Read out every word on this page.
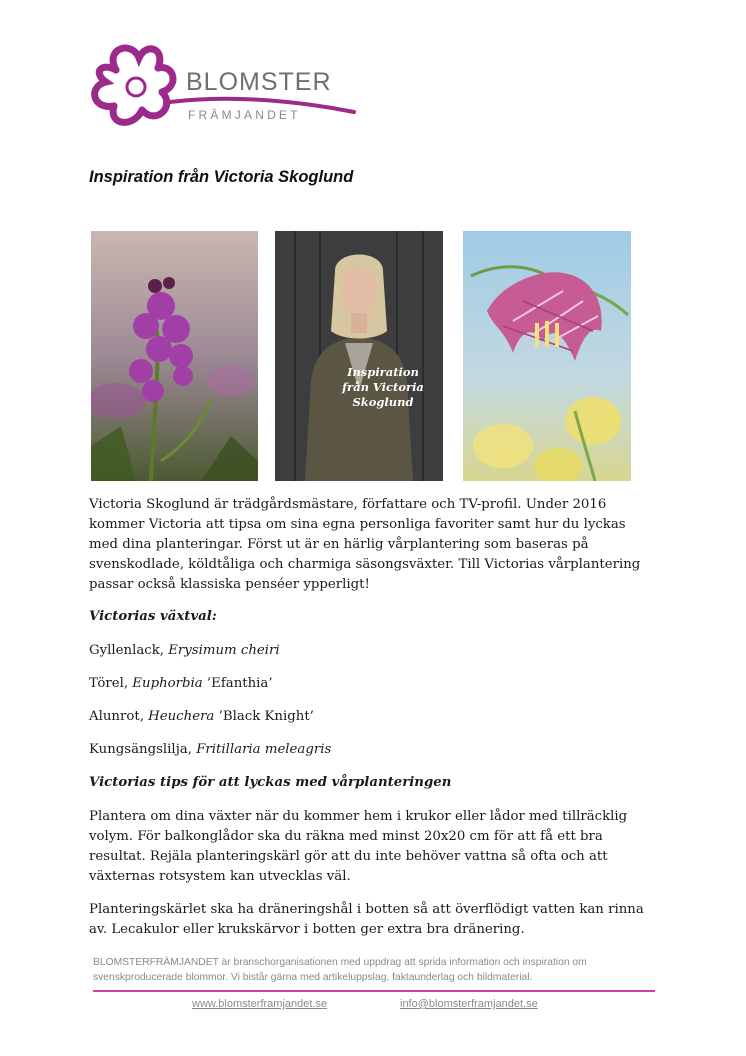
BLOMSTER
FRÄMJANDET
Inspiration från Victoria Skoglund
Inspiration
från Victoria
Skoglund

Victoria Skoglund är trädgårdsmästare, författare och TV-profil. Under 2016 kommer Victoria att tipsa om sina egna personliga favoriter samt hur du lyckas med dina planteringar. Först ut är en härlig vårplantering som baseras på svenskodlade, köldtåliga och charmiga säsongsväxter. Till Victorias vårplantering passar också klassiska penséer ypperligt!

Victorias växtval:

Gyllenlack, Erysimum cheiri

Törel, Euphorbia ’Efanthia’

Alunrot, Heuchera ’Black Knight’

Kungsängslilja, Fritillaria meleagris

Victorias tips för att lyckas med vårplanteringen

Plantera om dina växter när du kommer hem i krukor eller lådor med tillräcklig volym. För balkonglådor ska du räkna med minst 20x20 cm för att få ett bra resultat. Rejäla planteringskärl gör att du inte behöver vattna så ofta och att växternas rotsystem kan utvecklas väl.

Planteringskärlet ska ha dräneringshål i botten så att överflödigt vatten kan rinna av. Lecakulor eller krukskärvor i botten ger extra bra dränering.

BLOMSTERFRÄMJANDET är branschorganisationen med uppdrag att sprida information och inspiration om svenskproducerade blommor. Vi bistår gärna med artikeluppslag, faktaunderlag och bildmaterial.
www.blomsterframjandet.se	info@blomsterframjandet.se
